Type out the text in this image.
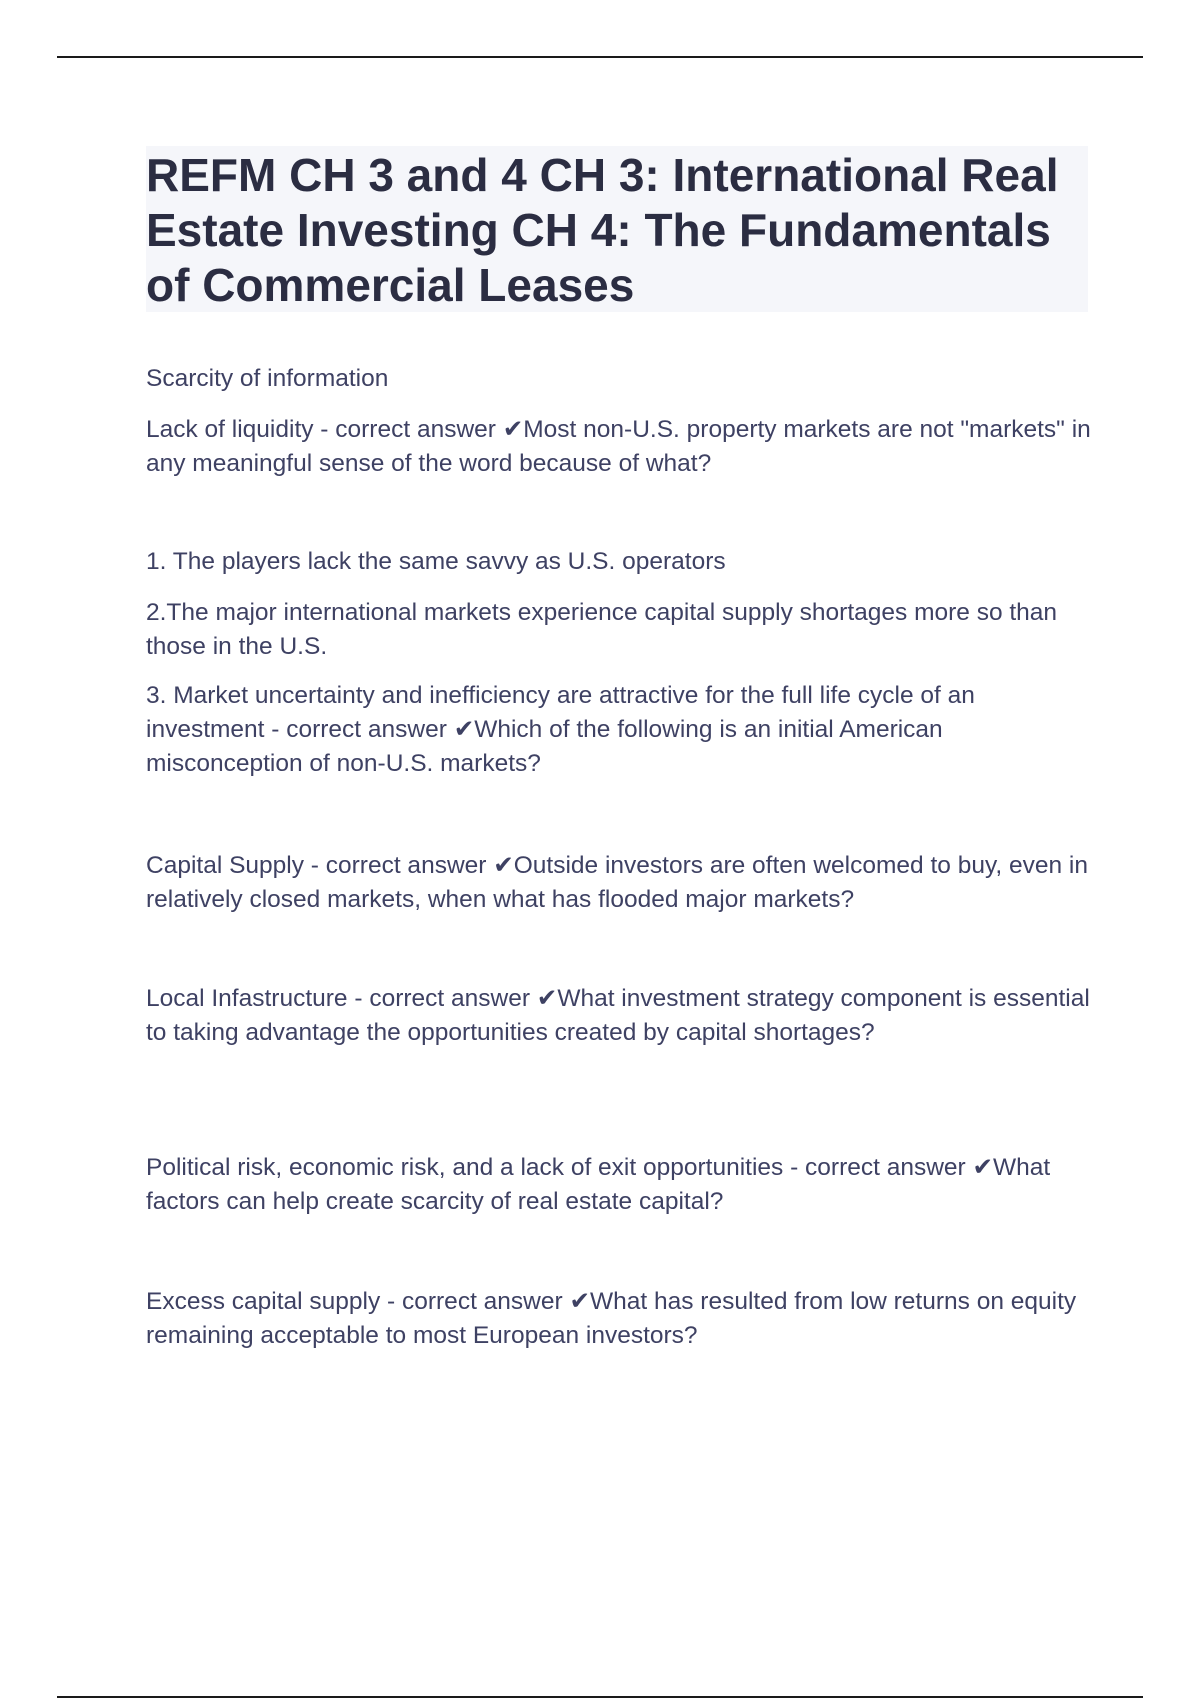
REFM CH 3 and 4 CH 3: International Real Estate Investing CH 4: The Fundamentals of Commercial Leases

Scarcity of information

Lack of liquidity - correct answer ✔Most non-U.S. property markets are not "markets" in any meaningful sense of the word because of what?

1. The players lack the same savvy as U.S. operators

2.The major international markets experience capital supply shortages more so than those in the U.S.

3. Market uncertainty and inefficiency are attractive for the full life cycle of an investment - correct answer ✔Which of the following is an initial American misconception of non-U.S. markets?

Capital Supply - correct answer ✔Outside investors are often welcomed to buy, even in relatively closed markets, when what has flooded major markets?

Local Infastructure - correct answer ✔What investment strategy component is essential to taking advantage the opportunities created by capital shortages?

Political risk, economic risk, and a lack of exit opportunities - correct answer ✔What factors can help create scarcity of real estate capital?

Excess capital supply - correct answer ✔What has resulted from low returns on equity remaining acceptable to most European investors?
